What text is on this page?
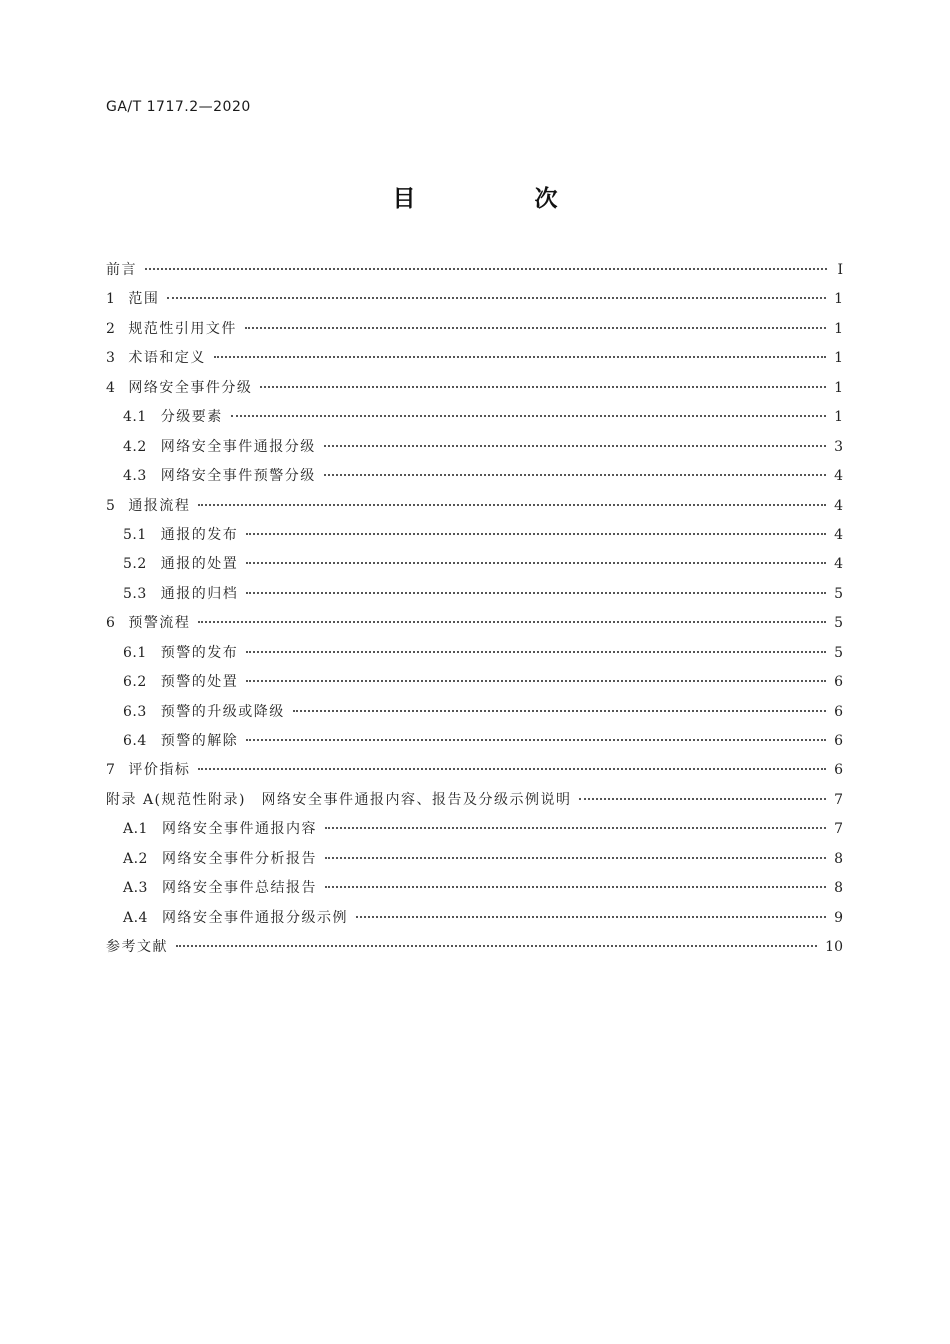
GA/T 1717.2—2020
目　次
前言	Ⅰ
1 范围	1
2 规范性引用文件	1
3 术语和定义	1
4 网络安全事件分级	1
4.1 分级要素	1
4.2 网络安全事件通报分级	3
4.3 网络安全事件预警分级	4
5 通报流程	4
5.1 通报的发布	4
5.2 通报的处置	4
5.3 通报的归档	5
6 预警流程	5
6.1 预警的发布	5
6.2 预警的处置	6
6.3 预警的升级或降级	6
6.4 预警的解除	6
7 评价指标	6
附录 A(规范性附录)　网络安全事件通报内容、报告及分级示例说明	7
A.1 网络安全事件通报内容	7
A.2 网络安全事件分析报告	8
A.3 网络安全事件总结报告	8
A.4 网络安全事件通报分级示例	9
参考文献	10
